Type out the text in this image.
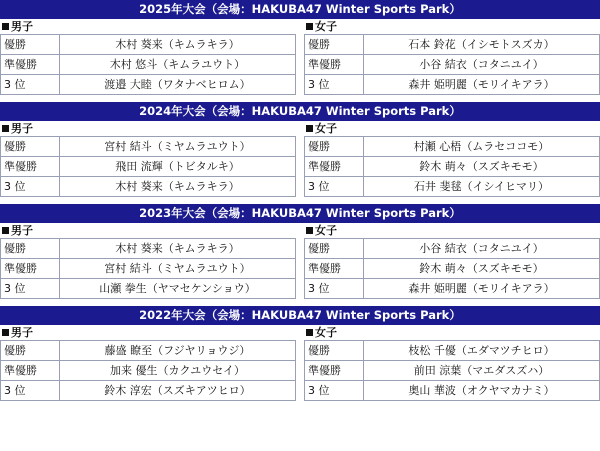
2025年大会（会場：HAKUBA47 Winter Sports Park）
男子
優勝	木村 葵来（キムラキラ）
準優勝	木村 悠斗（キムラユウト）
3 位	渡邉 大睦（ワタナベヒロム）
女子
優勝	石本 鈴花（イシモトスズカ）
準優勝	小谷 結衣（コタニユイ）
3 位	森井 姫明麗（モリイキアラ）
2024年大会（会場：HAKUBA47 Winter Sports Park）
男子
優勝	宮村 結斗（ミヤムラユウト）
準優勝	飛田 流輝（トビタルキ）
3 位	木村 葵来（キムラキラ）
女子
優勝	村瀬 心梧（ムラセココモ）
準優勝	鈴木 萌々（スズキモモ）
3 位	石井 斐毬（イシイヒマリ）
2023年大会（会場：HAKUBA47 Winter Sports Park）
男子
優勝	木村 葵来（キムラキラ）
準優勝	宮村 結斗（ミヤムラユウト）
3 位	山瀬 拳生（ヤマセケンショウ）
女子
優勝	小谷 結衣（コタニユイ）
準優勝	鈴木 萌々（スズキモモ）
3 位	森井 姫明麗（モリイキアラ）
2022年大会（会場：HAKUBA47 Winter Sports Park）
男子
優勝	藤盛 瞭至（フジヤリョウジ）
準優勝	加来 優生（カクユウセイ）
3 位	鈴木 淳宏（スズキアツヒロ）
女子
優勝	枝松 千優（エダマツチヒロ）
準優勝	前田 涼葉（マエダスズハ）
3 位	奥山 華波（オクヤマカナミ）
